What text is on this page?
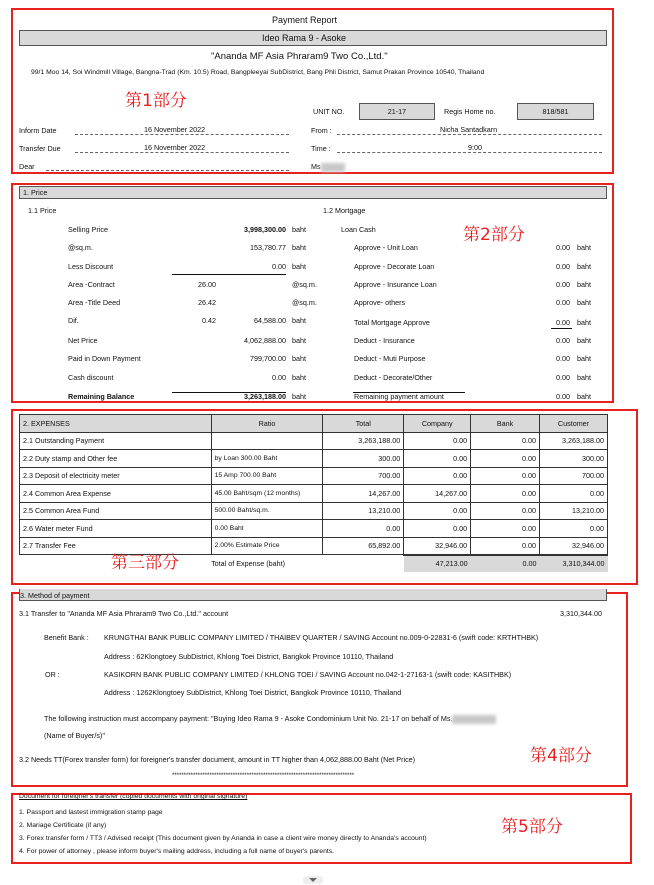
Payment Report
Ideo Rama 9 - Asoke
"Ananda MF Asia Phraram9 Two Co.,Ltd."
99/1 Moo 14, Soi Windmill Village, Bangna-Trad (Km. 10.5) Road, Bangpleeyai SubDistrict, Bang Phli District, Samut Prakan Province 10540, Thailand
第1部分
UNIT NO.	21-17	Regis Home no.	818/581
Inform Date	16 November 2022	From :	Nicha Santadkarn
Transfer Due	16 November 2022	Time :	9:00
Dear	Ms
1. Price
1.1 Price	1.2 Mortgage
第2部分
Loan Cash
Selling Price	3,998,300.00 baht
@sq.m.	153,780.77 baht
Less Discount	0.00 baht
Area -Contract	26.00	@sq.m.
Area -Title Deed	26.42	@sq.m.
Dif.	0.42	64,588.00 baht
Net Price	4,062,888.00 baht
Paid in Down Payment	799,700.00 baht
Cash discount	0.00 baht
Remaining Balance	3,263,188.00 baht
Approve - Unit Loan	0.00 baht
Approve - Decorate Loan	0.00 baht
Approve - Insurance Loan	0.00 baht
Approve- others	0.00 baht
Total Mortgage Approve	0.00 baht
Deduct - Insurance	0.00 baht
Deduct - Muti Purpose	0.00 baht
Deduct - Decorate/Other	0.00 baht
Remaining payment amount	0.00 baht
2. EXPENSES	Ratio	Total	Company	Bank	Customer
2.1 Outstanding Payment		3,263,188.00	0.00	0.00	3,263,188.00
2.2 Duty stamp and Other fee	by Loan 300.00 Baht	300.00	0.00	0.00	300.00
2.3 Deposit of electricity meter	15 Amp 700.00 Baht	700.00	0.00	0.00	700.00
2.4 Common Area Expense	45.00 Baht/sqm (12 months)	14,267.00	14,267.00	0.00	0.00
2.5 Common Area Fund	500.00 Baht/sq.m.	13,210.00	0.00	0.00	13,210.00
2.6 Water meter Fund	0.00 Baht	0.00	0.00	0.00	0.00
2.7 Transfer Fee	2.00% Estimate Price	65,892.00	32,946.00	0.00	32,946.00
	Total of Expense (baht)		47,213.00	0.00	3,310,344.00
第三部分
3. Method of payment
3.1 Transfer to "Ananda MF Asia Phraram9 Two Co.,Ltd." account	3,310,344.00
Benefit Bank : KRUNGTHAI BANK PUBLIC COMPANY LIMITED / THAIBEV QUARTER / SAVING Account no.009-0-22831-6 (swift code: KRTHTHBK)
Address : 62Klongtoey SubDistrict, Khlong Toei District, Bangkok Province 10110, Thailand
OR :	KASIKORN BANK PUBLIC COMPANY LIMITED / KHLONG TOEI / SAVING Account no.042-1-27163-1 (swift code: KASITHBK)
Address : 1262Klongtoey SubDistrict, Khlong Toei District, Bangkok Province 10110, Thailand
The following instruction must accompany payment: "Buying Ideo Rama 9 - Asoke Condominium Unit No. 21-17 on behalf of Ms.
(Name of Buyer/s)"
第4部分
3.2 Needs TT(Forex transfer form) for foreigner's transfer document, amount in TT higher than 4,062,888.00 Baht (Net Price)
******************************************************************************
Document for foreigner's transfer (copied documents with original signature)
第5部分
1. Passport and lastest immigration stamp page
2. Mariage Certificate (if any)
3. Forex transfer form / TT3 / Advised receipt (This document given by Ananda in case a client wire money directly to Ananda's account)
4. For power of attorney , please inform buyer's mailing address, including a full name of buyer's parents.
